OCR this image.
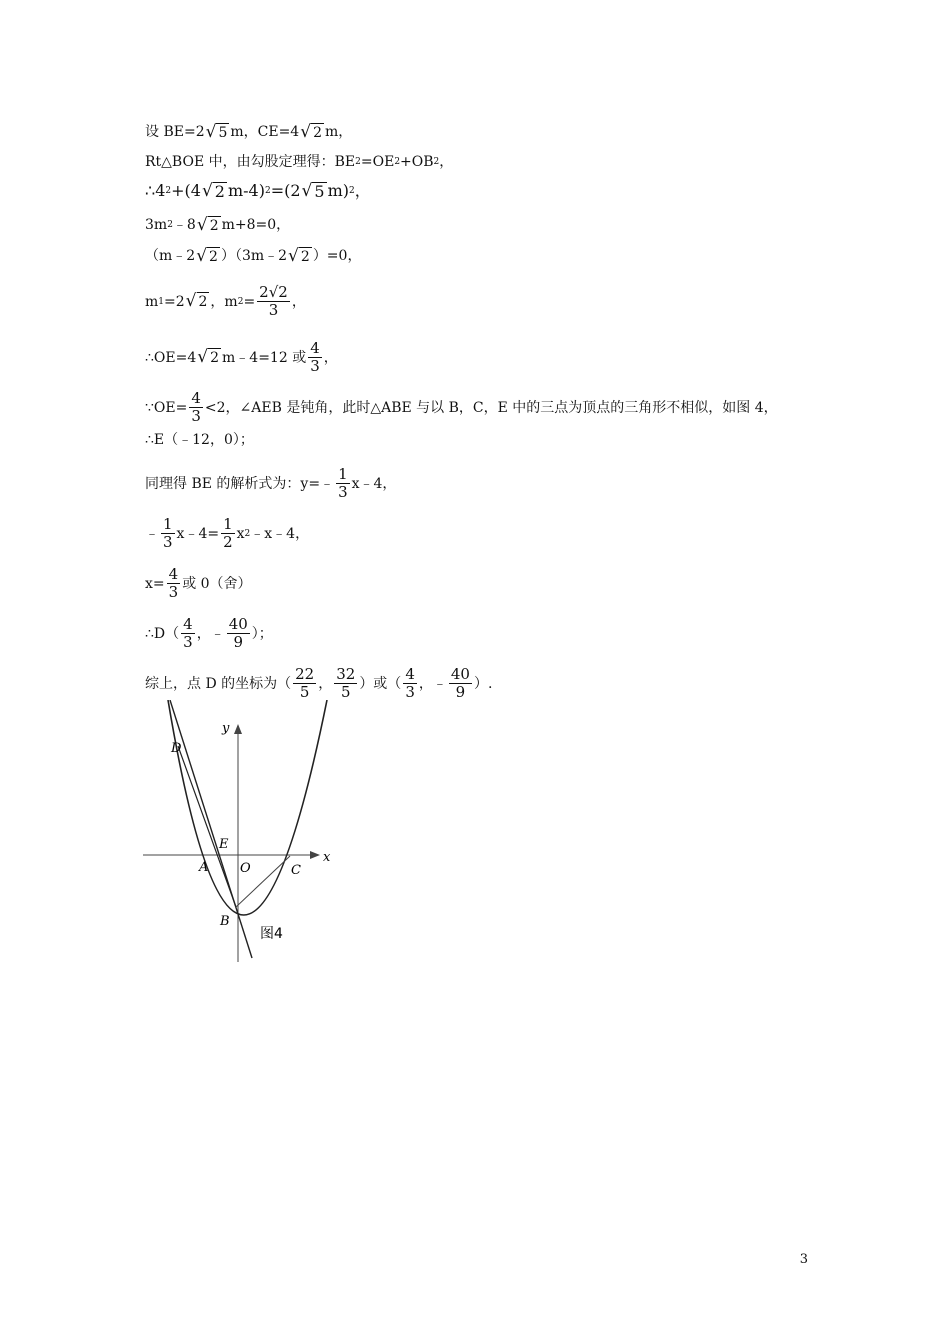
设 BE=2 √ 5 m，CE=4 √ 2 m，
Rt△BOE 中，由勾股定理得：BE 2 =OE 2 +OB 2 ，
∴ 4 2 +(4 √ 2 m-4) 2 =(2 √ 5 m) 2 ，
3m 2 ﹣8 √ 2 m+8=0，
（m﹣2 √ 2 ）（3m﹣2 √ 2 ）=0，
m 1 =2 √ 2 ，m $2 = \frac{2√2}{3}$ ，
∴OE=4 √ 2 m﹣4=12 或 $\frac{4}{3}$ ，
∵OE= $\frac{4}{3} <2$，∠AEB 是钝角，此时△ABE 与以 B，C，E 中的三点为顶点的三角形不相似，如图 4，
∴E（﹣12，0）；
同理得 BE 的解析式为：y=﹣ $\frac{1}{3}$ x﹣4，
﹣ $\frac{1}{3}$ x﹣4= $\frac{1}{2}$ x 2 ﹣x﹣4，
$x= \frac{4}{3}$ 或 0（舍）
∴D（ $\frac{4}{3}$ ，﹣ $\frac{40}{9}$ ）；
综上，点 D 的坐标为（ $\frac{22}{5}$ ， $\frac{32}{5}$ ）或（ $\frac{4}{3}$ ，﹣ $\frac{40}{9}$ ）.
y
x
D
E
A O	C
B
图4
3
